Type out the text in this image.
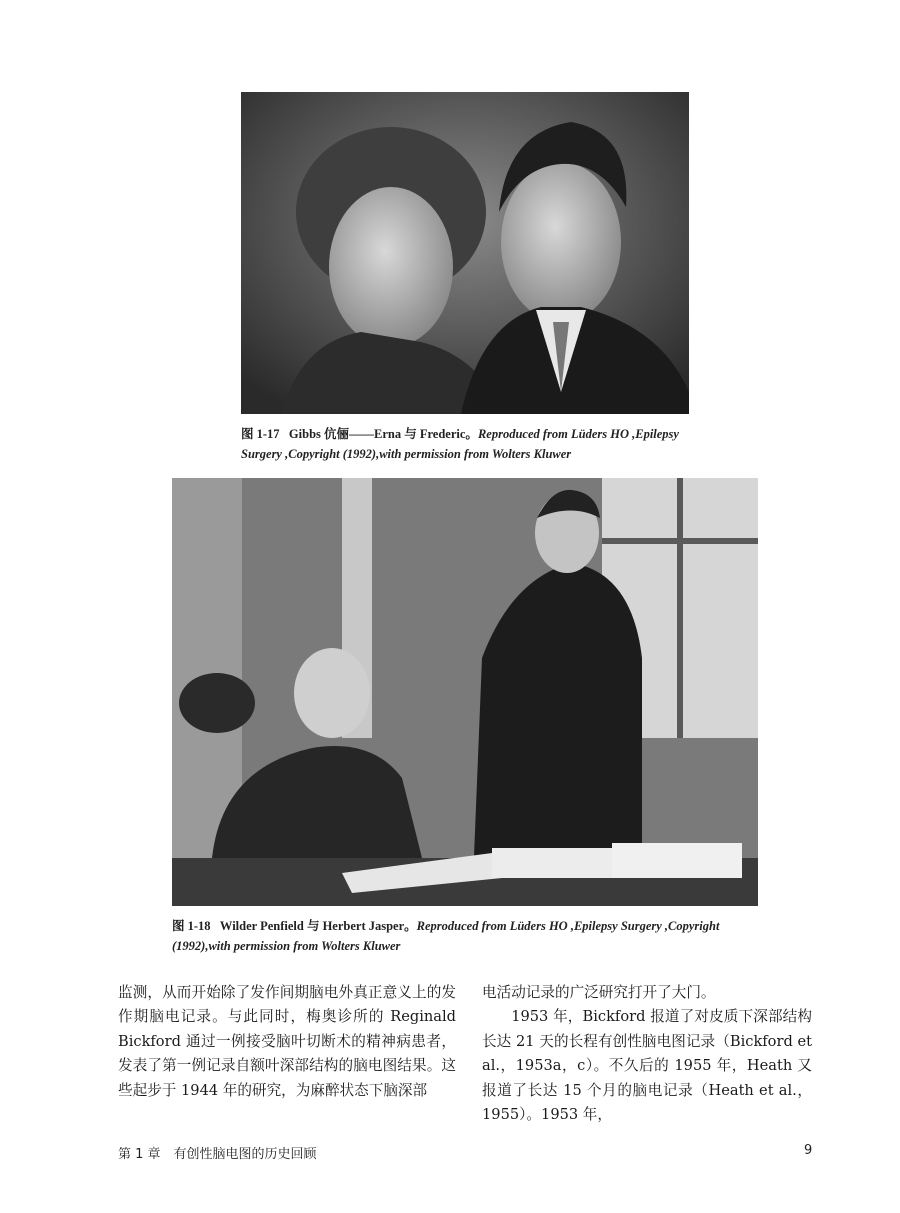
图 1-17 Gibbs 伉俪——Erna 与 Frederic。Reproduced from Lüders HO ,Epilepsy
Surgery ,Copyright (1992),with permission from Wolters Kluwer
图 1-18 Wilder Penfield 与 Herbert Jasper。Reproduced from Lüders HO ,Epilepsy Surgery ,Copyright
(1992),with permission from Wolters Kluwer

监测，从而开始除了发作间期脑电外真正意义上的发作期脑电记录。与此同时，梅奥诊所的 Reginald Bickford 通过一例接受脑叶切断术的精神病患者，发表了第一例记录自额叶深部结构的脑电图结果。这些起步于 1944 年的研究，为麻醉状态下脑深部

电活动记录的广泛研究打开了大门。

1953 年，Bickford 报道了对皮质下深部结构长达 21 天的长程有创性脑电图记录（Bickford et al.，1953a，c）。不久后的 1955 年，Heath 又报道了长达 15 个月的脑电记录（Heath et al.，1955）。1953 年，

第 1 章　有创性脑电图的历史回顾	9
